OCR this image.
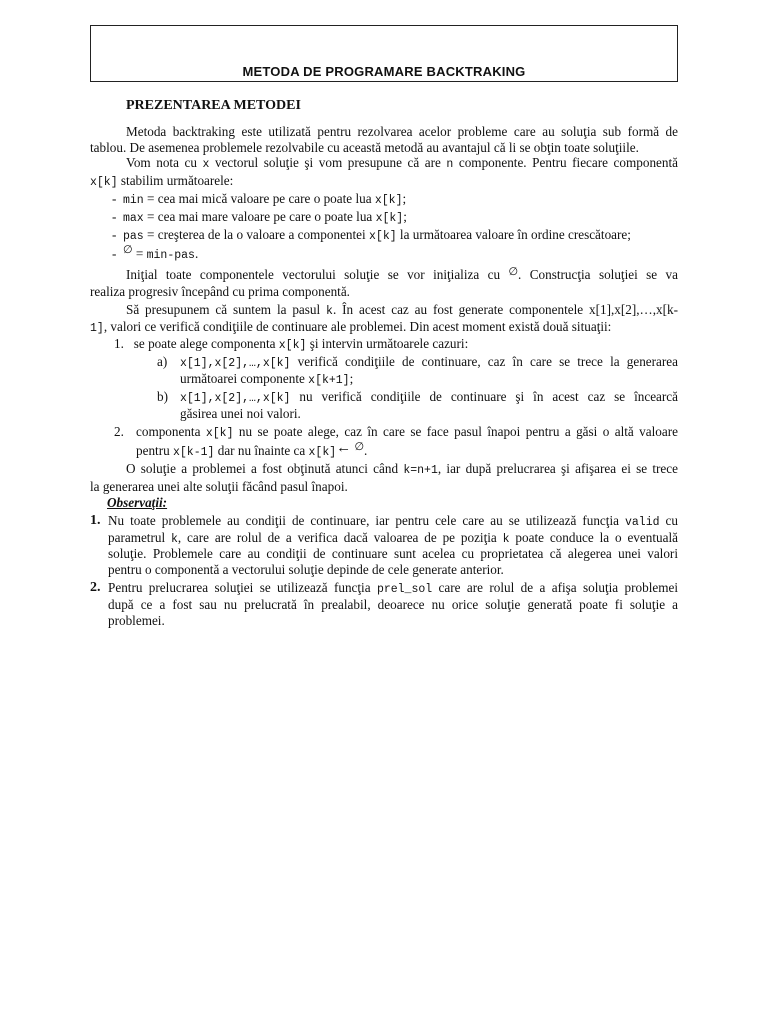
METODA DE PROGRAMARE BACKTRAKING
PREZENTAREA METODEI
Metoda backtraking este utilizată pentru rezolvarea acelor probleme care au soluţia sub formă de
tablou. De asemenea problemele rezolvabile cu această metodă au avantajul că li se obţin toate soluţiile.
Vom nota cu x vectorul soluţie şi vom presupune că are n componente. Pentru fiecare componentă
x[k] stabilim următoarele:
- min = cea mai mică valoare pe care o poate lua x[k];
- max = cea mai mare valoare pe care o poate lua x[k];
- pas = creşterea de la o valoare a componentei x[k] la următoarea valoare în ordine crescătoare;
- ∅ = min-pas.
Iniţial toate componentele vectorului soluţie se vor iniţializa cu ∅. Construcţia soluţiei se va
realiza progresiv începând cu prima componentă.
Să presupunem că suntem la pasul k. În acest caz au fost generate componentele x[1],x[2],…,x[k-
1], valori ce verifică condiţiile de continuare ale problemei. Din acest moment există două situaţii:
1. se poate alege componenta x[k] şi intervin următoarele cazuri:
a) x[1],x[2],…,x[k] verifică condiţiile de continuare, caz în care se trece la generarea
următoarei componente x[k+1];
b) x[1],x[2],…,x[k] nu verifică condiţiile de continuare şi în acest caz se încearcă
găsirea unei noi valori.
2. componenta x[k] nu se poate alege, caz în care se face pasul înapoi pentru a găsi o altă valoare
pentru x[k-1] dar nu înainte ca x[k]← ∅.
O soluţie a problemei a fost obţinută atunci când k=n+1, iar după prelucrarea şi afişarea ei se trece
la generarea unei alte soluţii făcând pasul înapoi.
Observaţii:
1. Nu toate problemele au condiţii de continuare, iar pentru cele care au se utilizează funcţia valid cu
parametrul k, care are rolul de a verifica dacă valoarea de pe poziţia k poate conduce la o eventuală
soluţie. Problemele care au condiţii de continuare sunt acelea cu proprietatea că alegerea unei valori
pentru o componentă a vectorului soluţie depinde de cele generate anterior.
2. Pentru prelucrarea soluţiei se utilizează funcţia prel_sol care are rolul de a afişa soluţia problemei
după ce a fost sau nu prelucrată în prealabil, deoarece nu orice soluţie generată poate fi soluţie a
problemei.
